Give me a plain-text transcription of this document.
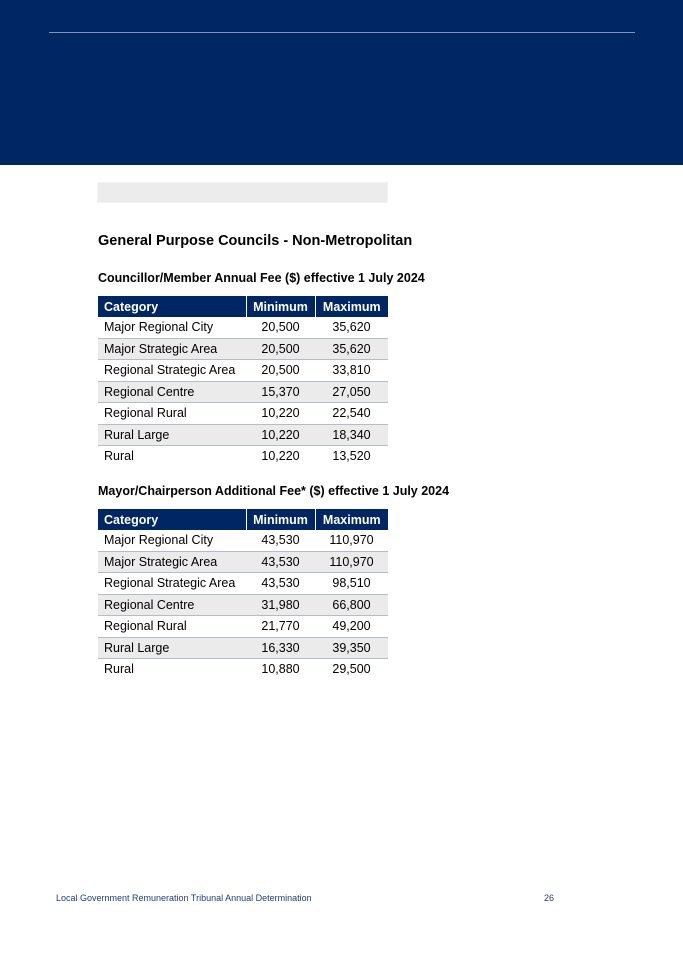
General Purpose Councils - Non-Metropolitan
Councillor/Member Annual Fee ($) effective 1 July 2024
Category	Minimum	Maximum
Major Regional City	20,500	35,620
Major Strategic Area	20,500	35,620
Regional Strategic Area	20,500	33,810
Regional Centre	15,370	27,050
Regional Rural	10,220	22,540
Rural Large	10,220	18,340
Rural	10,220	13,520
Mayor/Chairperson Additional Fee* ($) effective 1 July 2024
Category	Minimum	Maximum
Major Regional City	43,530	110,970
Major Strategic Area	43,530	110,970
Regional Strategic Area	43,530	98,510
Regional Centre	31,980	66,800
Regional Rural	21,770	49,200
Rural Large	16,330	39,350
Rural	10,880	29,500
Local Government Remuneration Tribunal Annual Determination	26
